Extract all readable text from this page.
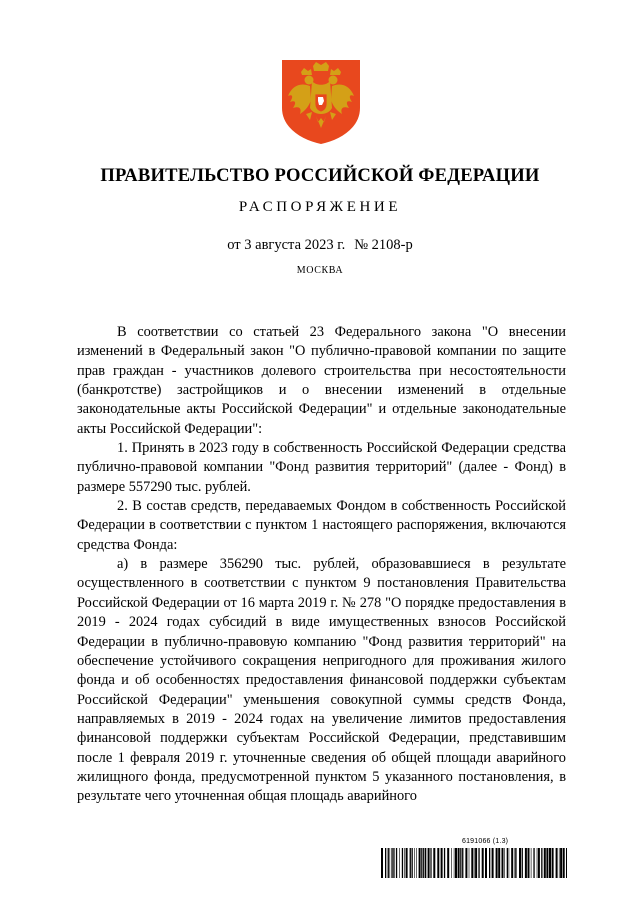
ПРАВИТЕЛЬСТВО РОССИЙСКОЙ ФЕДЕРАЦИИ
РАСПОРЯЖЕНИЕ
от 3 августа 2023 г. № 2108-р
МОСКВА

В соответствии со статьей 23 Федерального закона "О внесении изменений в Федеральный закон "О публично-правовой компании по защите прав граждан - участников долевого строительства при несостоятельности (банкротстве) застройщиков и о внесении изменений в отдельные законодательные акты Российской Федерации" и отдельные законодательные акты Российской Федерации":

1. Принять в 2023 году в собственность Российской Федерации средства публично-правовой компании "Фонд развития территорий" (далее - Фонд) в размере 557290 тыс. рублей.

2. В состав средств, передаваемых Фондом в собственность Российской Федерации в соответствии с пунктом 1 настоящего распоряжения, включаются средства Фонда:

а) в размере 356290 тыс. рублей, образовавшиеся в результате осуществленного в соответствии с пунктом 9 постановления Правительства Российской Федерации от 16 марта 2019 г. № 278 "О порядке предоставления в 2019 - 2024 годах субсидий в виде имущественных взносов Российской Федерации в публично-правовую компанию "Фонд развития территорий" на обеспечение устойчивого сокращения непригодного для проживания жилого фонда и об особенностях предоставления финансовой поддержки субъектам Российской Федерации" уменьшения совокупной суммы средств Фонда, направляемых в 2019 - 2024 годах на увеличение лимитов предоставления финансовой поддержки субъектам Российской Федерации, представившим после 1 февраля 2019 г. уточненные сведения об общей площади аварийного жилищного фонда, предусмотренной пунктом 5 указанного постановления, в результате чего уточненная общая площадь аварийного

6191066 (1.3)
